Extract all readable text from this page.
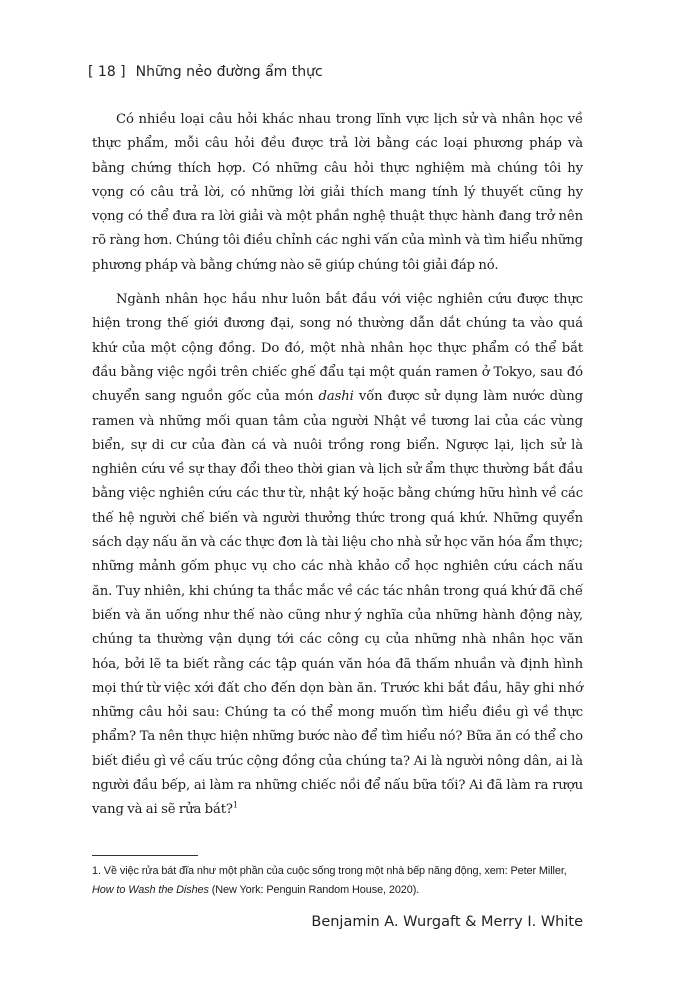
[ 18 ] Những nẻo đường ẩm thực

Có nhiều loại câu hỏi khác nhau trong lĩnh vực lịch sử và nhân học về thực phẩm, mỗi câu hỏi đều được trả lời bằng các loại phương pháp và bằng chứng thích hợp. Có những câu hỏi thực nghiệm mà chúng tôi hy vọng có câu trả lời, có những lời giải thích mang tính lý thuyết cũng hy vọng có thể đưa ra lời giải và một phần nghệ thuật thực hành đang trở nên rõ ràng hơn. Chúng tôi điều chỉnh các nghi vấn của mình và tìm hiểu những phương pháp và bằng chứng nào sẽ giúp chúng tôi giải đáp nó.

Ngành nhân học hầu như luôn bắt đầu với việc nghiên cứu được thực hiện trong thế giới đương đại, song nó thường dẫn dắt chúng ta vào quá khứ của một cộng đồng. Do đó, một nhà nhân học thực phẩm có thể bắt đầu bằng việc ngồi trên chiếc ghế đẩu tại một quán ramen ở Tokyo, sau đó chuyển sang nguồn gốc của món dashi vốn được sử dụng làm nước dùng ramen và những mối quan tâm của người Nhật về tương lai của các vùng biển, sự di cư của đàn cá và nuôi trồng rong biển. Ngược lại, lịch sử là nghiên cứu về sự thay đổi theo thời gian và lịch sử ẩm thực thường bắt đầu bằng việc nghiên cứu các thư từ, nhật ký hoặc bằng chứng hữu hình về các thế hệ người chế biến và người thưởng thức trong quá khứ. Những quyển sách dạy nấu ăn và các thực đơn là tài liệu cho nhà sử học văn hóa ẩm thực; những mảnh gốm phục vụ cho các nhà khảo cổ học nghiên cứu cách nấu ăn. Tuy nhiên, khi chúng ta thắc mắc về các tác nhân trong quá khứ đã chế biến và ăn uống như thế nào cũng như ý nghĩa của những hành động này, chúng ta thường vận dụng tới các công cụ của những nhà nhân học văn hóa, bởi lẽ ta biết rằng các tập quán văn hóa đã thấm nhuần và định hình mọi thứ từ việc xới đất cho đến dọn bàn ăn. Trước khi bắt đầu, hãy ghi nhớ những câu hỏi sau: Chúng ta có thể mong muốn tìm hiểu điều gì về thực phẩm? Ta nên thực hiện những bước nào để tìm hiểu nó? Bữa ăn có thể cho biết điều gì về cấu trúc cộng đồng của chúng ta? Ai là người nông dân, ai là người đầu bếp, ai làm ra những chiếc nồi để nấu bữa tối? Ai đã làm ra rượu vang và ai sẽ rửa bát?$^1$

1. Về việc rửa bát đĩa như một phần của cuộc sống trong một nhà bếp năng động, xem: Peter Miller, How to Wash the Dishes (New York: Penguin Random House, 2020).

Benjamin A. Wurgaft & Merry I. White
